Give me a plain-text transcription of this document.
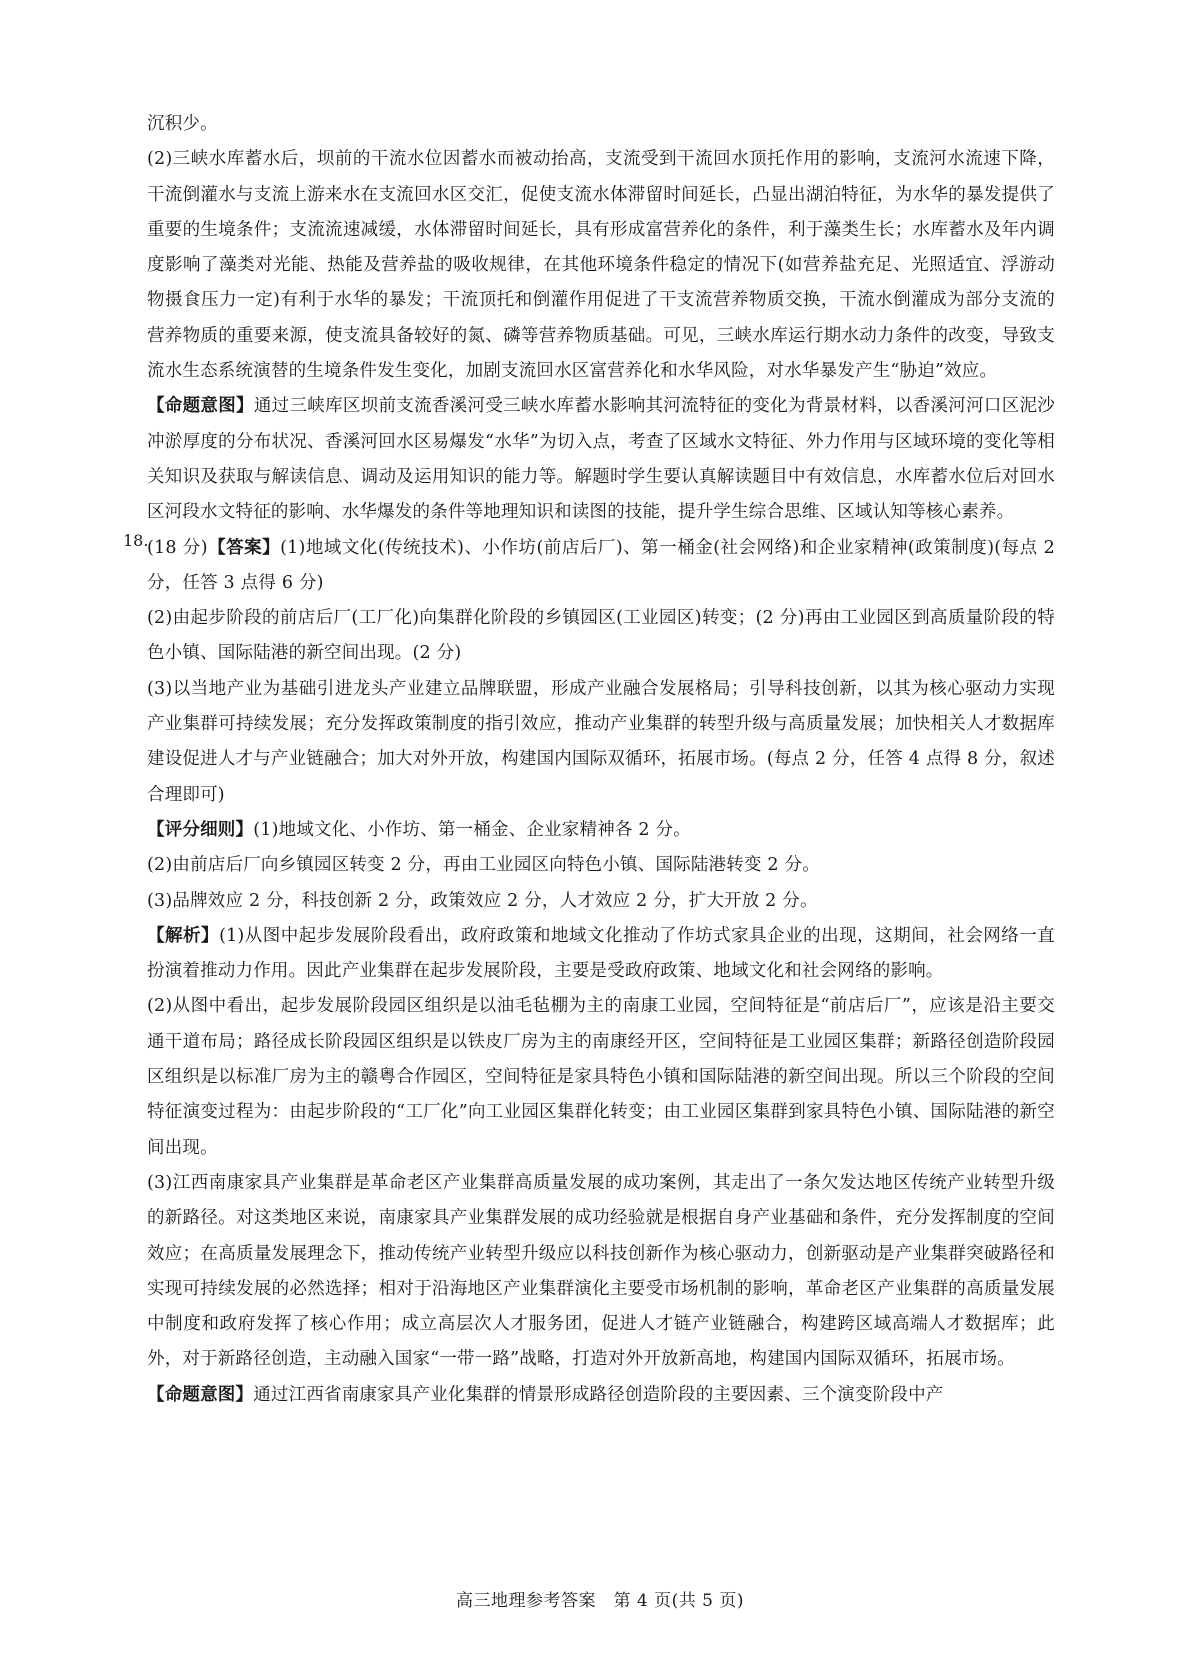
沉积少。

(2)三峡水库蓄水后，坝前的干流水位因蓄水而被动抬高，支流受到干流回水顶托作用的影响，支流河水流速下降，干流倒灌水与支流上游来水在支流回水区交汇，促使支流水体滞留时间延长，凸显出湖泊特征，为水华的暴发提供了重要的生境条件；支流流速减缓，水体滞留时间延长，具有形成富营养化的条件，利于藻类生长；水库蓄水及年内调度影响了藻类对光能、热能及营养盐的吸收规律，在其他环境条件稳定的情况下(如营养盐充足、光照适宜、浮游动物摄食压力一定)有利于水华的暴发；干流顶托和倒灌作用促进了干支流营养物质交换，干流水倒灌成为部分支流的营养物质的重要来源，使支流具备较好的氮、磷等营养物质基础。可见，三峡水库运行期水动力条件的改变，导致支流水生态系统演替的生境条件发生变化，加剧支流回水区富营养化和水华风险，对水华暴发产生“胁迫”效应。

【命题意图】通过三峡库区坝前支流香溪河受三峡水库蓄水影响其河流特征的变化为背景材料，以香溪河河口区泥沙冲淤厚度的分布状况、香溪河回水区易爆发“水华”为切入点，考查了区域水文特征、外力作用与区域环境的变化等相关知识及获取与解读信息、调动及运用知识的能力等。解题时学生要认真解读题目中有效信息，水库蓄水位后对回水区河段水文特征的影响、水华爆发的条件等地理知识和读图的技能，提升学生综合思维、区域认知等核心素养。

18.

(18 分)【答案】(1)地域文化(传统技术)、小作坊(前店后厂)、第一桶金(社会网络)和企业家精神(政策制度)(每点 2 分，任答 3 点得 6 分)

(2)由起步阶段的前店后厂(工厂化)向集群化阶段的乡镇园区(工业园区)转变；(2 分)再由工业园区到高质量阶段的特色小镇、国际陆港的新空间出现。(2 分)

(3)以当地产业为基础引进龙头产业建立品牌联盟，形成产业融合发展格局；引导科技创新，以其为核心驱动力实现产业集群可持续发展；充分发挥政策制度的指引效应，推动产业集群的转型升级与高质量发展；加快相关人才数据库建设促进人才与产业链融合；加大对外开放，构建国内国际双循环，拓展市场。(每点 2 分，任答 4 点得 8 分，叙述合理即可)

【评分细则】(1)地域文化、小作坊、第一桶金、企业家精神各 2 分。

(2)由前店后厂向乡镇园区转变 2 分，再由工业园区向特色小镇、国际陆港转变 2 分。

(3)品牌效应 2 分，科技创新 2 分，政策效应 2 分，人才效应 2 分，扩大开放 2 分。

【解析】(1)从图中起步发展阶段看出，政府政策和地域文化推动了作坊式家具企业的出现，这期间，社会网络一直扮演着推动力作用。因此产业集群在起步发展阶段，主要是受政府政策、地域文化和社会网络的影响。

(2)从图中看出，起步发展阶段园区组织是以油毛毡棚为主的南康工业园，空间特征是“前店后厂”，应该是沿主要交通干道布局；路径成长阶段园区组织是以铁皮厂房为主的南康经开区，空间特征是工业园区集群；新路径创造阶段园区组织是以标准厂房为主的赣粤合作园区，空间特征是家具特色小镇和国际陆港的新空间出现。所以三个阶段的空间特征演变过程为：由起步阶段的“工厂化”向工业园区集群化转变；由工业园区集群到家具特色小镇、国际陆港的新空间出现。

(3)江西南康家具产业集群是革命老区产业集群高质量发展的成功案例，其走出了一条欠发达地区传统产业转型升级的新路径。对这类地区来说，南康家具产业集群发展的成功经验就是根据自身产业基础和条件，充分发挥制度的空间效应；在高质量发展理念下，推动传统产业转型升级应以科技创新作为核心驱动力，创新驱动是产业集群突破路径和实现可持续发展的必然选择；相对于沿海地区产业集群演化主要受市场机制的影响，革命老区产业集群的高质量发展中制度和政府发挥了核心作用；成立高层次人才服务团，促进人才链产业链融合，构建跨区域高端人才数据库；此外，对于新路径创造，主动融入国家“一带一路”战略，打造对外开放新高地，构建国内国际双循环，拓展市场。

【命题意图】通过江西省南康家具产业化集群的情景形成路径创造阶段的主要因素、三个演变阶段中产

高三地理参考答案　第 4 页(共 5 页)
